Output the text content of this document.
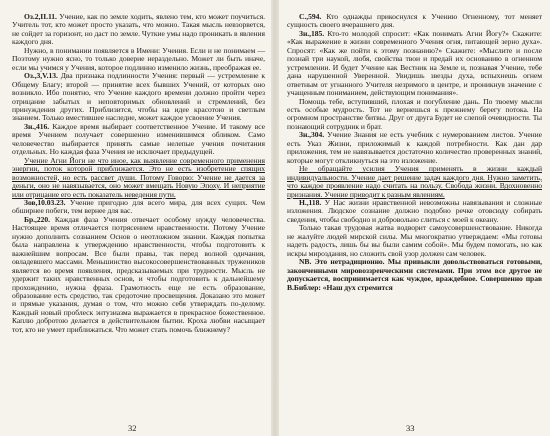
Оз.2,II.11. Учение, как по земле ходить, явлено тем, кто может поучиться. Учитель тот, кто может просто указать, что можно. Такая мысль невзорвется, не сойдет за горизонт, но даст по земле. Чуткие умы надо проникать в явления каждого дня.

Нужно, в понимании появляется в Имени: Учения. Если и не понимаем — Поэтому нужно ясно, то только доверие нераздельно. Может ли быть иначе, если мы учимся у Учения, которое подлинно изменило жизнь, преображая ее.

Оз.,3,V.13. Два признака подлинности Учения: первый — устремление к Общему Благу; второй — принятие всех бывших Учений, от которых оно возникло. Ибо понятно, что Учение каждого времени должно пройти через отрицание забытых и неповторимых обновлений и стремлений, без принуждения других. Приблизится, чтобы на идее красотою и светлым знанием. Только вместившее наследие, может каждое усвоение Учения.

Зн.,416. Каждое время выбирает соответственное Учение. И такому все время Учением получает совершенно изменившимся обликом. Само человечество выбирается принять самые нелепые учения почитания отдельных. Но каждая фаза Учения не исключает предыдущей.

Учение Агни Йоги не что иное, как выявление современного применения энергии, поток которой приближается. Это не есть изобретение спящих возможностей, но есть рассвет души. Потому Говорю: Учение не дается за деньги, оно не навязывается, оно может вмещать Новую Эпоху. И неприятие или отрицание его есть показатель неведения пути.

Зов,10.03.23. Учение пригодно для всего мира, для всех сущих. Чем обширнее побеги, тем вернее для вас.

Бр.,220. Каждая фаза Учения отвечает особому нужду человечества. Настоящее время отличается потрясением нравственности. Потому Учение нужно дополнить сознанием Основ о неотложном знании. Каждая попытка была направлена к утверждению нравственности, чтобы подготовить к важнейшим вопросам. Все были правы, так перед волной одичания, овладевшего массами. Меньшинство высокосовершенствованных тружеников является во время появления, предсказываемых при трудности. Мысль не удержит таких нравственных основ, и чтобы подготовить к дальнейшему прохождению, нужна фраза. Грамотность еще не есть образование, образование есть средство, так средоточие просвещения. Доказано это может и прямые указания, думая о том, что можно себя утверждать по-делому. Каждый новый проблеск энтузиазма выражается в прекрасное божественное. Каплю добротою делается в действительном бытии. Кроха любви насыщает тот, кто не умеет приближаться. Что может стать помочь ближнему?

32

С.,594. Кто однажды прикоснулся к Учению Огненному, тот меняет сущность своего вчерашнего дня.

Зн.,185. Кто-то молодой спросит: «Как понимать Агни Йогу?» Скажите: «Как выражение в жизни современного Учения огня, питающей зерно духа». Спросят: «Как же пойти к этому познанию?» Скажите: «Мыслите и после познай три наукой, любя, свойства твои и предай их основанию в огненном устремлении. И будет Учение как Вестник на Земле и, познавая Учение, тебе дана нарушенной Уверенной. Увидишь звезды духа, вспыхнешь огнем ответным от угнанного Учителя незримого в центре, и проникнув значение с учащенным пониманием, действующим понимания».

Помощь тебе, вступивший, плохая и погубление дань. По твоему мысли есть особые мудрость. Тот не вернешься к прежнему берегу потока. На огромном пространстве битвы. Друг от друга Будет не слепой очевидности. Ты познающий сотрудник и брат.

Зн.,304. Учение Знания не есть учебник с нумерованием листов. Учение есть Указ Жизни, приложимый к каждой потребности. Как дан дар приложения, тем не навязывается достаточно количество проверенных знаний, которые могут откликнуться на это изложение.

Не обращайте усилия Учения применять в жизни каждый индивидуальности. Учение дает решение задач каждого дня. Нужно заметить, что каждое проявление надо считать на пользу. Свобода жизни. Вдохновенно признания. Учение приводит к разным явлениям.

Н.,118. У Нас жизни нравственной невозможны навязывания и сложные изложения. Людское сознание должно подобно речке отовсюду собирать сведения, чтобы свободно и добровольно слиться с моей к океану.

Только такая трудовая жатва водворит самоусовершенствование. Никогда не жалуйте людей мирской силы. Мы многократно утверждаем: «Мы готовы надеть радость, лишь бы вы были самим собой». Мы будем помогать, но как искры мироздания, но сложить свой узор должен сам человек.

NB. Это нетрадиционно. Мы привыкли довольствоваться готовыми, законченными мировоззренческими системами. При этом все другое не допускается, воспринимается как чуждое, враждебное. Совершенно прав В.Библер: «Наш дух стремится

33
